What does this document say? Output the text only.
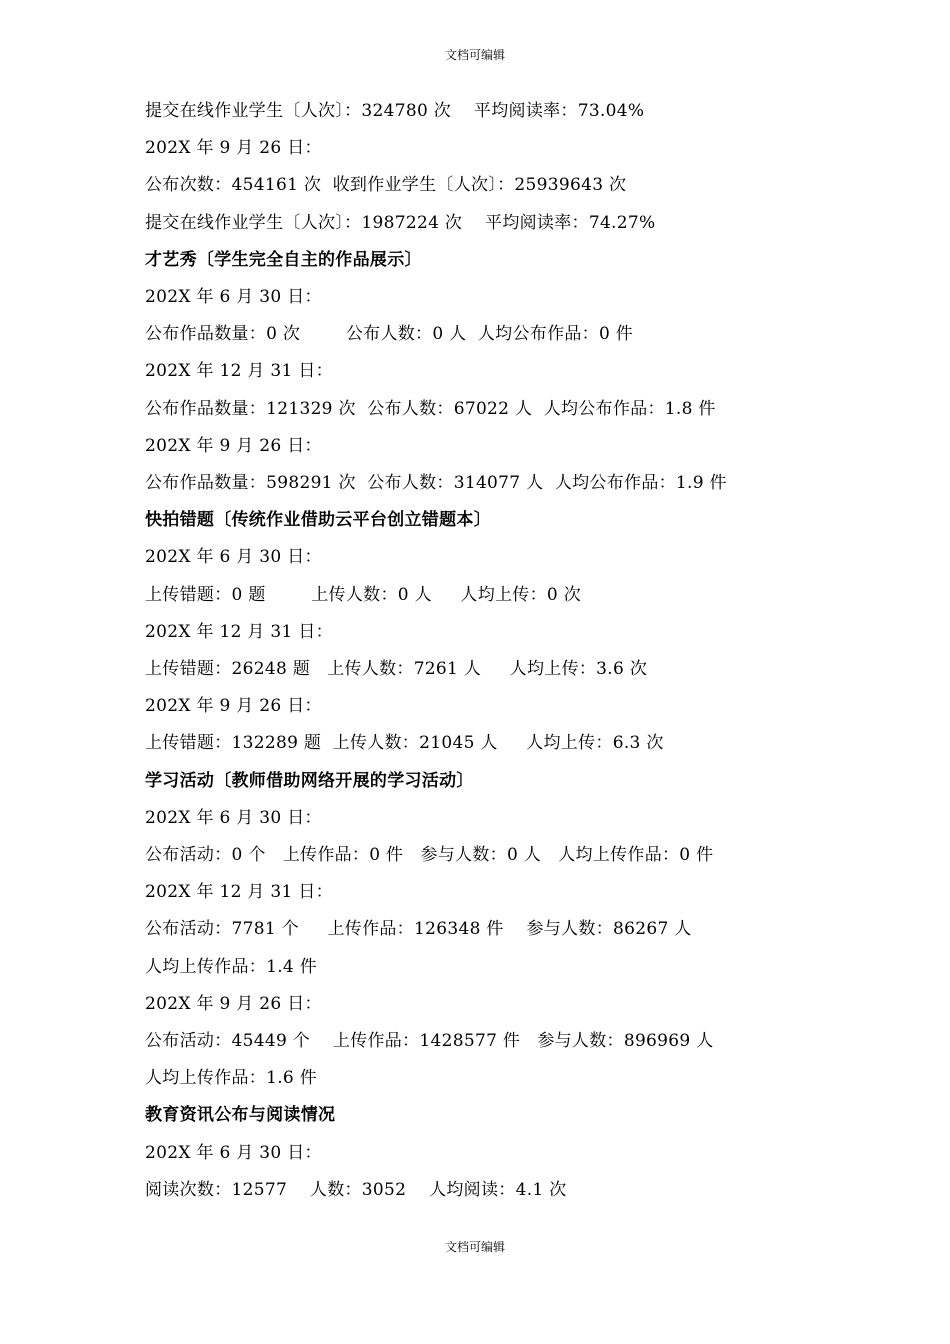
文档可编辑
提交在线作业学生〔人次〕：324780 次    平均阅读率：73.04%
202X 年 9 月 26 日：
公布次数：454161 次  收到作业学生〔人次〕：25939643 次
提交在线作业学生〔人次〕：1987224 次    平均阅读率：74.27%
才艺秀〔学生完全自主的作品展示〕
202X 年 6 月 30 日：
公布作品数量：0 次        公布人数：0 人  人均公布作品：0 件
202X 年 12 月 31 日：
公布作品数量：121329 次  公布人数：67022 人  人均公布作品：1.8 件
202X 年 9 月 26 日：
公布作品数量：598291 次  公布人数：314077 人  人均公布作品：1.9 件
快拍错题〔传统作业借助云平台创立错题本〕
202X 年 6 月 30 日：
上传错题：0 题        上传人数：0 人     人均上传：0 次
202X 年 12 月 31 日：
上传错题：26248 题   上传人数：7261 人     人均上传：3.6 次
202X 年 9 月 26 日：
上传错题：132289 题  上传人数：21045 人     人均上传：6.3 次
学习活动〔教师借助网络开展的学习活动〕
202X 年 6 月 30 日：
公布活动：0 个   上传作品：0 件   参与人数：0 人   人均上传作品：0 件
202X 年 12 月 31 日：
公布活动：7781 个     上传作品：126348 件    参与人数：86267 人
人均上传作品：1.4 件
202X 年 9 月 26 日：
公布活动：45449 个    上传作品：1428577 件   参与人数：896969 人
人均上传作品：1.6 件
教育资讯公布与阅读情况
202X 年 6 月 30 日：
阅读次数：12577    人数：3052    人均阅读：4.1 次
文档可编辑
